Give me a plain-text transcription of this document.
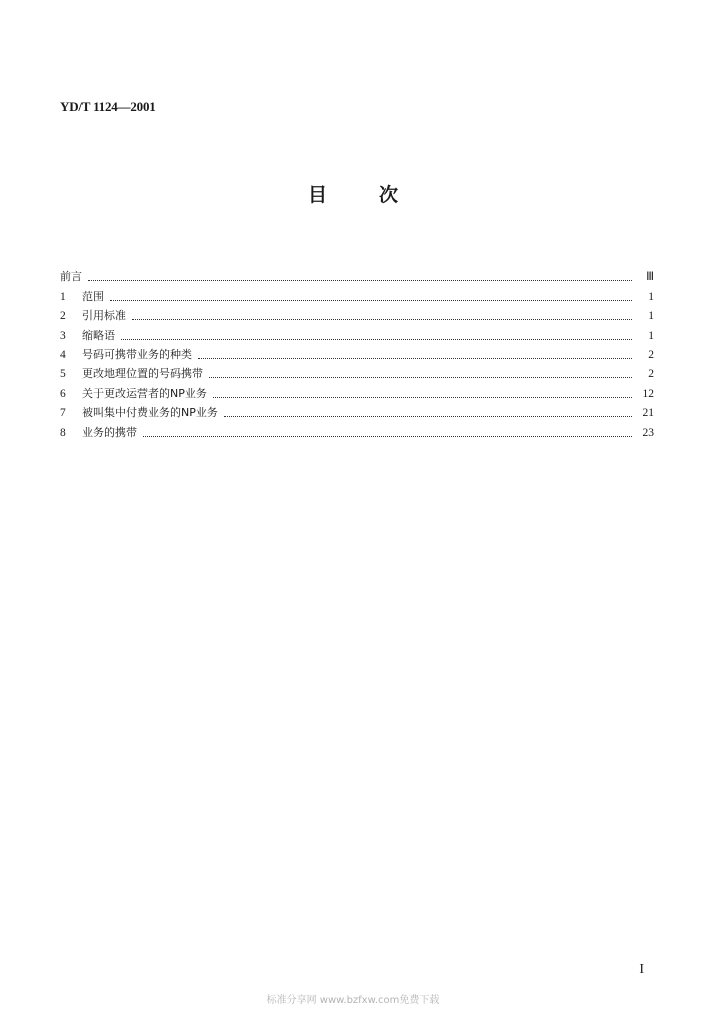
YD/T 1124—2001
目	次
前言	Ⅲ
1	范围	1
2	引用标准	1
3	缩略语	1
4	号码可携带业务的种类	2
5	更改地理位置的号码携带	2
6	关于更改运营者的NP业务	12
7	被叫集中付费业务的NP业务	21
8	业务的携带	23
I
标准分享网 www.bzfxw.com免费下载
